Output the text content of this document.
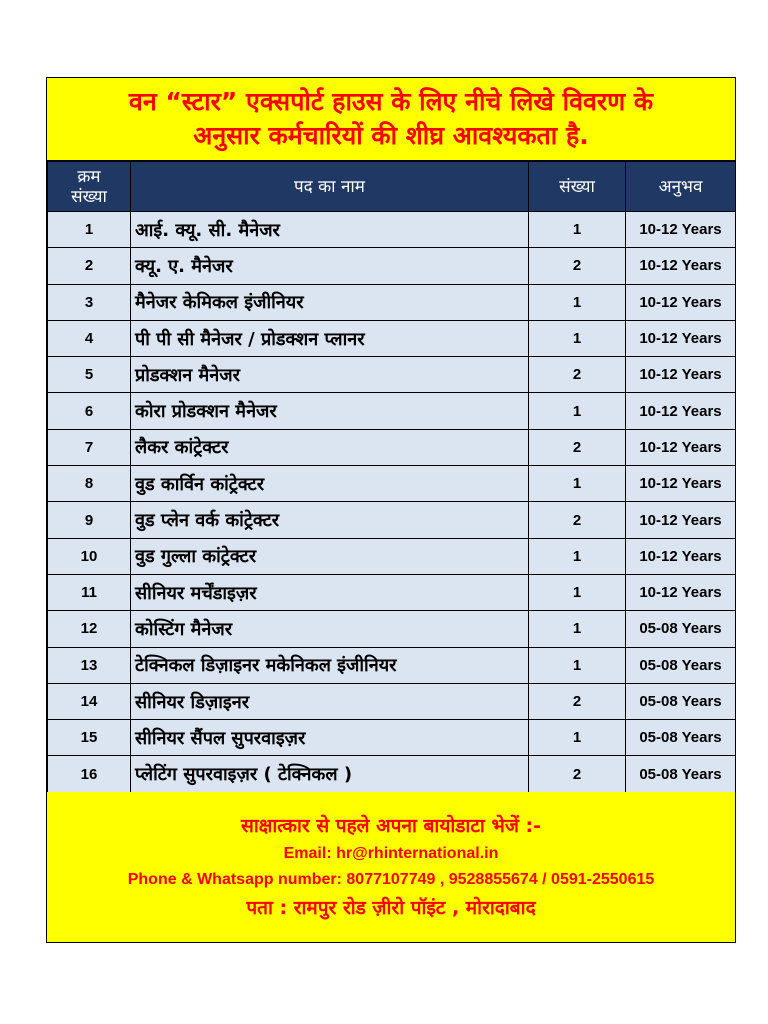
वन “स्टार” एक्सपोर्ट हाउस के लिए नीचे लिखे विवरण के
अनुसार कर्मचारियों की शीघ्र आवश्यकता है.
क्रम
संख्या	पद का नाम	संख्या	अनुभव
1	आई. क्यू. सी. मैनेजर	1	10-12 Years
2	क्यू. ए. मैनेजर	2	10-12 Years
3	मैनेजर केमिकल इंजीनियर	1	10-12 Years
4	पी पी सी मैनेजर / प्रोडक्शन प्लानर	1	10-12 Years
5	प्रोडक्शन मैनेजर	2	10-12 Years
6	कोरा प्रोडक्शन मैनेजर	1	10-12 Years
7	लैकर कांट्रेक्टर	2	10-12 Years
8	वुड कार्विन कांट्रेक्टर	1	10-12 Years
9	वुड प्लेन वर्क कांट्रेक्टर	2	10-12 Years
10	वुड गुल्ला कांट्रेक्टर	1	10-12 Years
11	सीनियर मर्चेंडाइज़र	1	10-12 Years
12	कोस्टिंग मैनेजर	1	05-08 Years
13	टेक्निकल डिज़ाइनर मकेनिकल इंजीनियर	1	05-08 Years
14	सीनियर डिज़ाइनर	2	05-08 Years
15	सीनियर सैंपल सुपरवाइज़र	1	05-08 Years
16	प्लेटिंग सुपरवाइज़र ( टेक्निकल )	2	05-08 Years
साक्षात्कार से पहले अपना बायोडाटा भेजें :-
Email: hr@rhinternational.in
Phone & Whatsapp number: 8077107749 , 9528855674 / 0591-2550615
पता : रामपुर रोड ज़ीरो पॉइंट , मोरादाबाद
